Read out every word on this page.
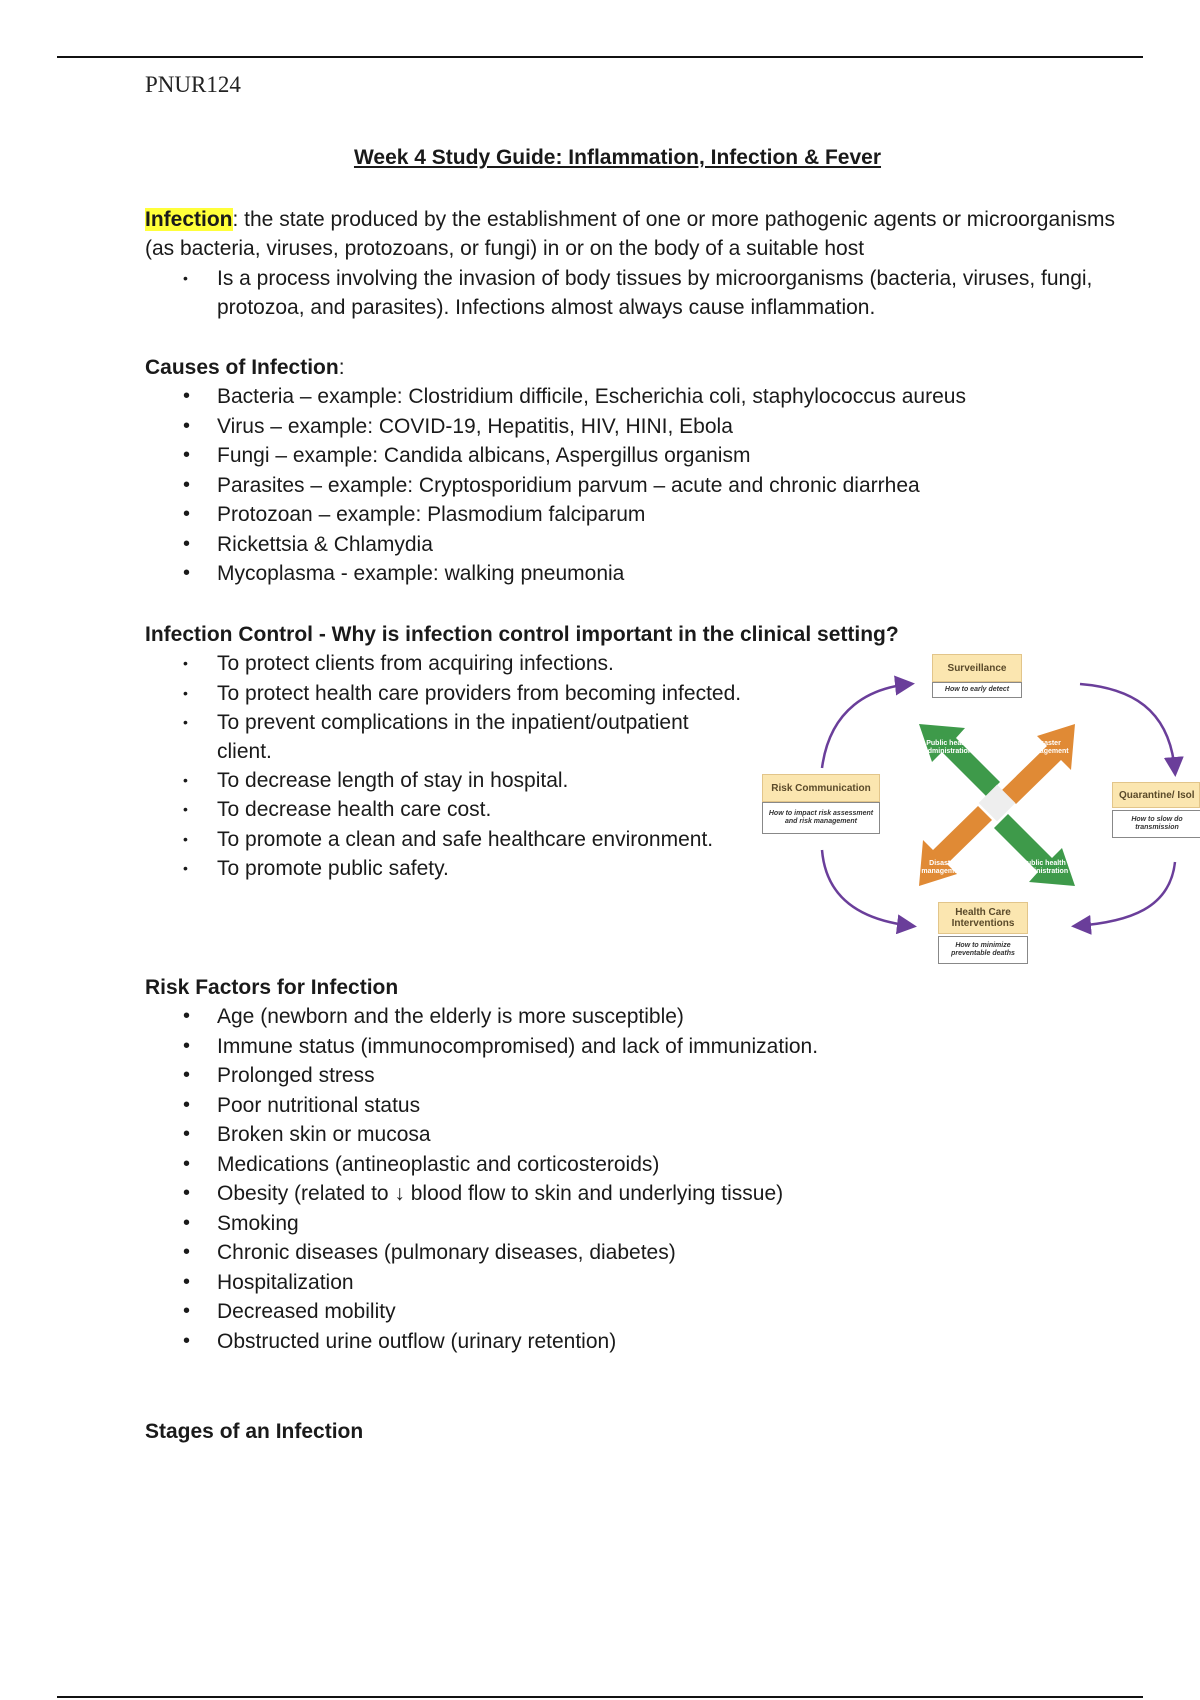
PNUR124
Week 4 Study Guide: Inflammation, Infection & Fever
Infection: the state produced by the establishment of one or more pathogenic agents or microorganisms (as bacteria, viruses, protozoans, or fungi) in or on the body of a suitable host
• Is a process involving the invasion of body tissues by microorganisms (bacteria, viruses, fungi, protozoa, and parasites). Infections almost always cause inflammation.
Causes of Infection:
• Bacteria – example: Clostridium difficile, Escherichia coli, staphylococcus aureus
• Virus – example: COVID-19, Hepatitis, HIV, HINI, Ebola
• Fungi – example: Candida albicans, Aspergillus organism
• Parasites – example: Cryptosporidium parvum – acute and chronic diarrhea
• Protozoan – example: Plasmodium falciparum
• Rickettsia & Chlamydia
• Mycoplasma - example: walking pneumonia
Infection Control - Why is infection control important in the clinical setting?
• To protect clients from acquiring infections.
• To protect health care providers from becoming infected.
• To prevent complications in the inpatient/outpatient client.
• To decrease length of stay in hospital.
• To decrease health care cost.
• To promote a clean and safe healthcare environment.
• To promote public safety.
Risk Factors for Infection
• Age (newborn and the elderly is more susceptible)
• Immune status (immunocompromised) and lack of immunization.
• Prolonged stress
• Poor nutritional status
• Broken skin or mucosa
• Medications (antineoplastic and corticosteroids)
• Obesity (related to ↓ blood flow to skin and underlying tissue)
• Smoking
• Chronic diseases (pulmonary diseases, diabetes)
• Hospitalization
• Decreased mobility
• Obstructed urine outflow (urinary retention)
Stages of an Infection
Surveillance
How to early detect
Risk Communication
How to impact risk assessment and risk management
Quarantine/ Isol
How to slow do transmission
Health Care Interventions
How to minimize preventable deaths
Public health administration
Disaster management
Disaster management
Public health administration
